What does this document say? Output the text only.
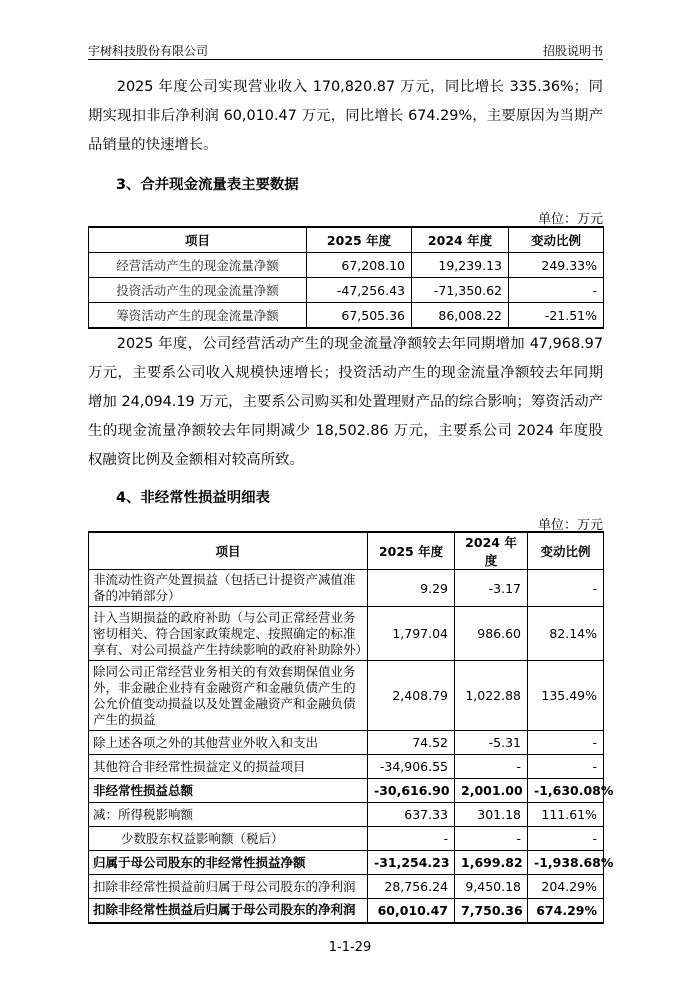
宇树科技股份有限公司	招股说明书

2025 年度公司实现营业收入 170,820.87 万元，同比增长 335.36%；同期实现扣非后净利润 60,010.47 万元，同比增长 674.29%，主要原因为当期产品销量的快速增长。

3、合并现金流量表主要数据

单位：万元
项目	2025 年度	2024 年度	变动比例
经营活动产生的现金流量净额	67,208.10	19,239.13	249.33%
投资活动产生的现金流量净额	-47,256.43	-71,350.62	-
筹资活动产生的现金流量净额	67,505.36	86,008.22	-21.51%

2025 年度，公司经营活动产生的现金流量净额较去年同期增加 47,968.97 万元，主要系公司收入规模快速增长；投资活动产生的现金流量净额较去年同期增加 24,094.19 万元，主要系公司购买和处置理财产品的综合影响；筹资活动产生的现金流量净额较去年同期减少 18,502.86 万元，主要系公司 2024 年度股权融资比例及金额相对较高所致。

4、非经常性损益明细表

单位：万元
项目	2025 年度	2024 年度	变动比例
非流动性资产处置损益（包括已计提资产减值准备的冲销部分）	9.29	-3.17	-
计入当期损益的政府补助（与公司正常经营业务密切相关、符合国家政策规定、按照确定的标准享有、对公司损益产生持续影响的政府补助除外）	1,797.04	986.60	82.14%
除同公司正常经营业务相关的有效套期保值业务外，非金融企业持有金融资产和金融负债产生的公允价值变动损益以及处置金融资产和金融负债产生的损益	2,408.79	1,022.88	135.49%
除上述各项之外的其他营业外收入和支出	74.52	-5.31	-
其他符合非经常性损益定义的损益项目	-34,906.55	-	-
非经常性损益总额	-30,616.90	2,001.00	-1,630.08%
减：所得税影响额	637.33	301.18	111.61%
少数股东权益影响额（税后）	-	-	-
归属于母公司股东的非经常性损益净额	-31,254.23	1,699.82	-1,938.68%
扣除非经常性损益前归属于母公司股东的净利润	28,756.24	9,450.18	204.29%
扣除非经常性损益后归属于母公司股东的净利润	60,010.47	7,750.36	674.29%
1-1-29
